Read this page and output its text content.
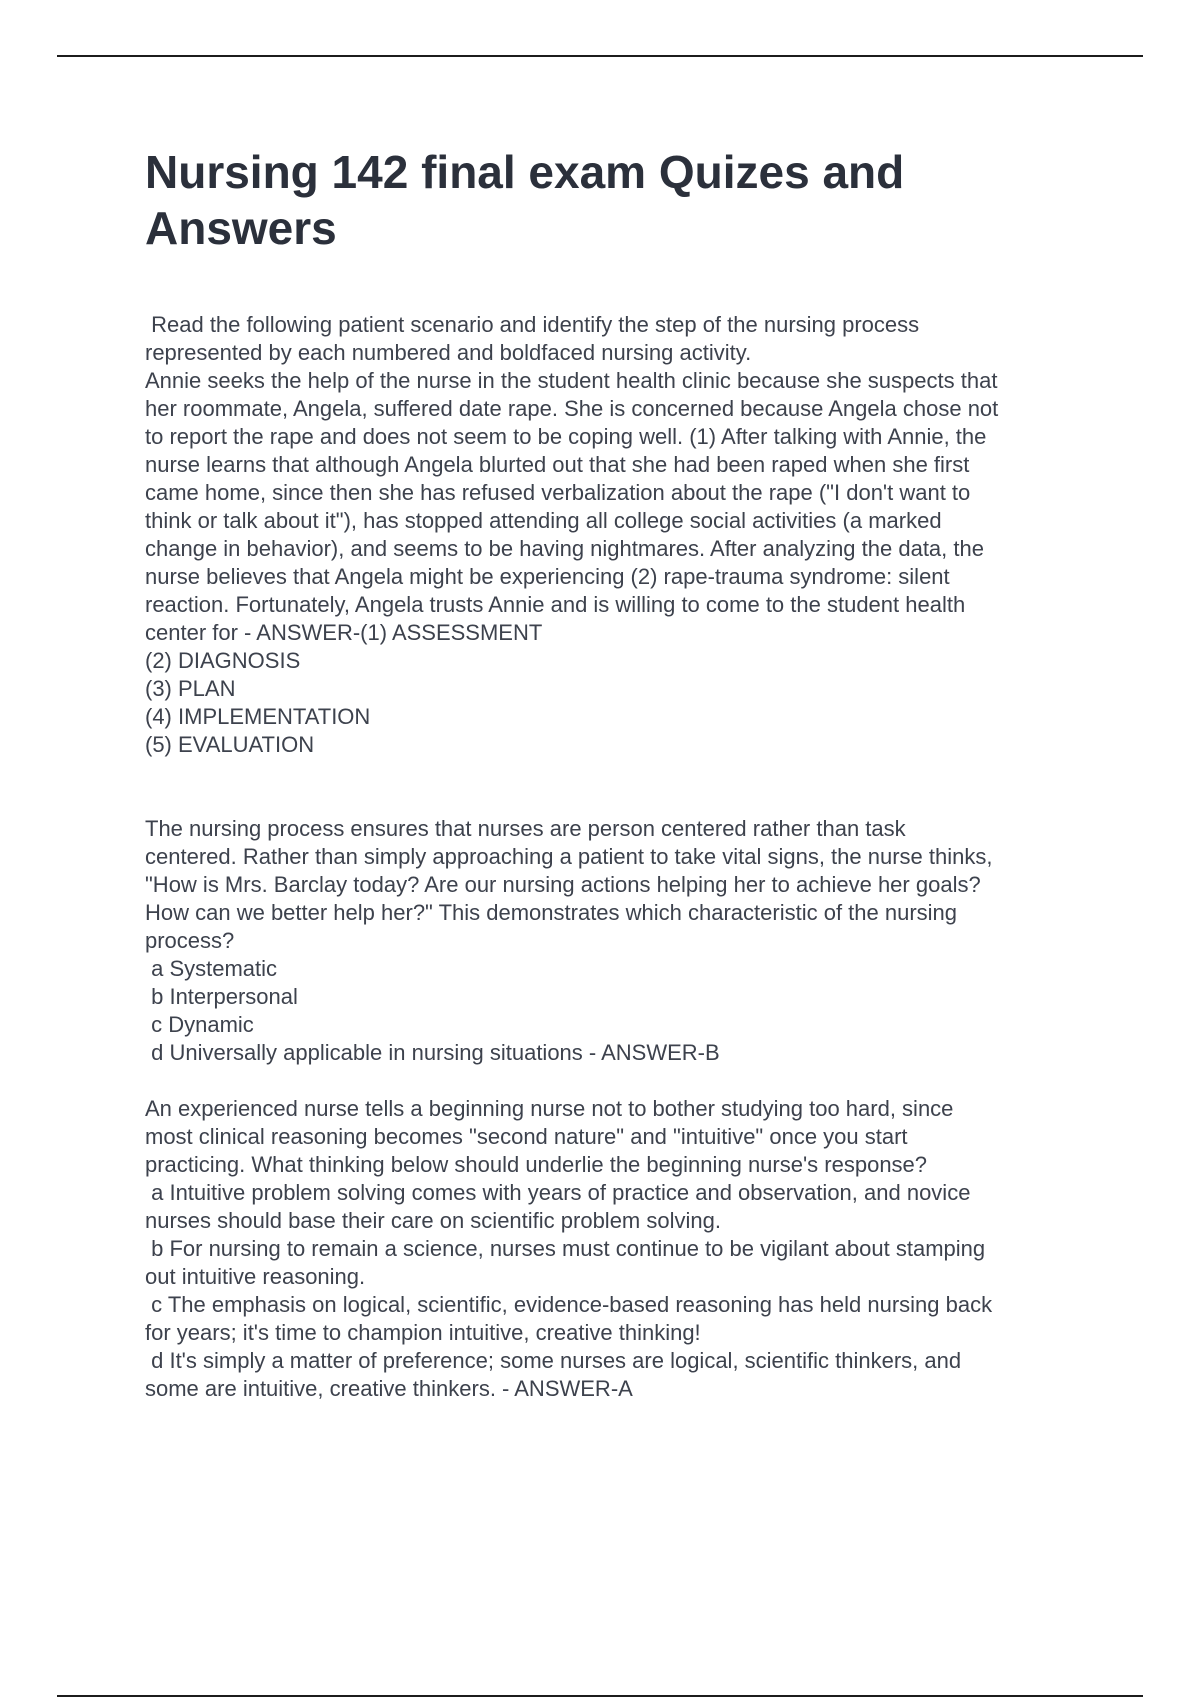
Nursing 142 final exam Quizes and
Answers
Read the following patient scenario and identify the step of the nursing process
represented by each numbered and boldfaced nursing activity.
Annie seeks the help of the nurse in the student health clinic because she suspects that
her roommate, Angela, suffered date rape. She is concerned because Angela chose not
to report the rape and does not seem to be coping well. (1) After talking with Annie, the
nurse learns that although Angela blurted out that she had been raped when she first
came home, since then she has refused verbalization about the rape ("I don't want to
think or talk about it"), has stopped attending all college social activities (a marked
change in behavior), and seems to be having nightmares. After analyzing the data, the
nurse believes that Angela might be experiencing (2) rape-trauma syndrome: silent
reaction. Fortunately, Angela trusts Annie and is willing to come to the student health
center for - ANSWER-(1) ASSESSMENT
(2) DIAGNOSIS
(3) PLAN
(4) IMPLEMENTATION
(5) EVALUATION
The nursing process ensures that nurses are person centered rather than task
centered. Rather than simply approaching a patient to take vital signs, the nurse thinks,
"How is Mrs. Barclay today? Are our nursing actions helping her to achieve her goals?
How can we better help her?" This demonstrates which characteristic of the nursing
process?
a Systematic
b Interpersonal
c Dynamic
d Universally applicable in nursing situations - ANSWER-B
An experienced nurse tells a beginning nurse not to bother studying too hard, since
most clinical reasoning becomes "second nature" and "intuitive" once you start
practicing. What thinking below should underlie the beginning nurse's response?
a Intuitive problem solving comes with years of practice and observation, and novice
nurses should base their care on scientific problem solving.
b For nursing to remain a science, nurses must continue to be vigilant about stamping
out intuitive reasoning.
c The emphasis on logical, scientific, evidence-based reasoning has held nursing back
for years; it's time to champion intuitive, creative thinking!
d It's simply a matter of preference; some nurses are logical, scientific thinkers, and
some are intuitive, creative thinkers. - ANSWER-A
